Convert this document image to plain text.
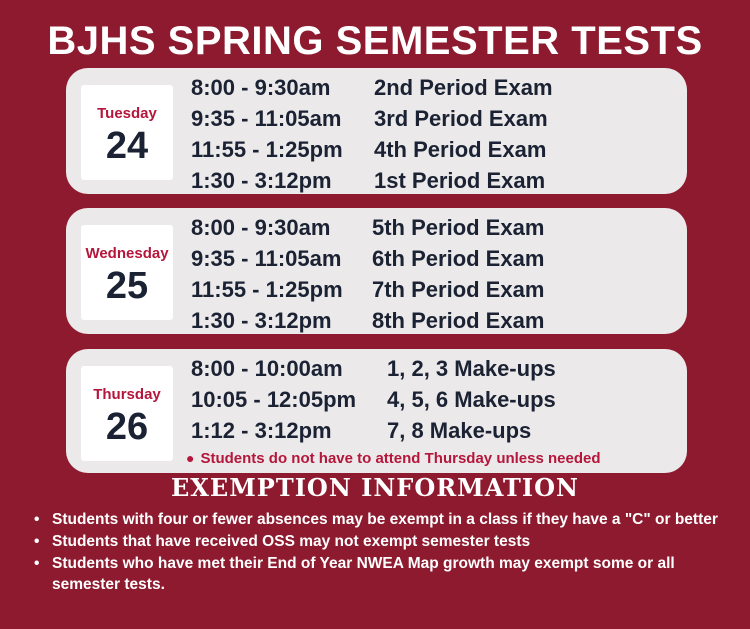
BJHS SPRING SEMESTER TESTS
Tuesday
24
8:00 - 9:30am 2nd Period Exam
9:35 - 11:05am 3rd Period Exam
11:55 - 1:25pm 4th Period Exam
1:30 - 3:12pm 1st Period Exam
Wednesday
25
8:00 - 9:30am 5th Period Exam
9:35 - 11:05am 6th Period Exam
11:55 - 1:25pm 7th Period Exam
1:30 - 3:12pm 8th Period Exam
Thursday
26
8:00 - 10:00am 1, 2, 3 Make-ups
10:05 - 12:05pm 4, 5, 6 Make-ups
1:12 - 3:12pm	7, 8 Make-ups
● Students do not have to attend Thursday unless needed
EXEMPTION INFORMATION
• Students with four or fewer absences may be exempt in a class if they have a "C" or better
• Students that have received OSS may not exempt semester tests
• Students who have met their End of Year NWEA Map growth may exempt some or all semester tests.
